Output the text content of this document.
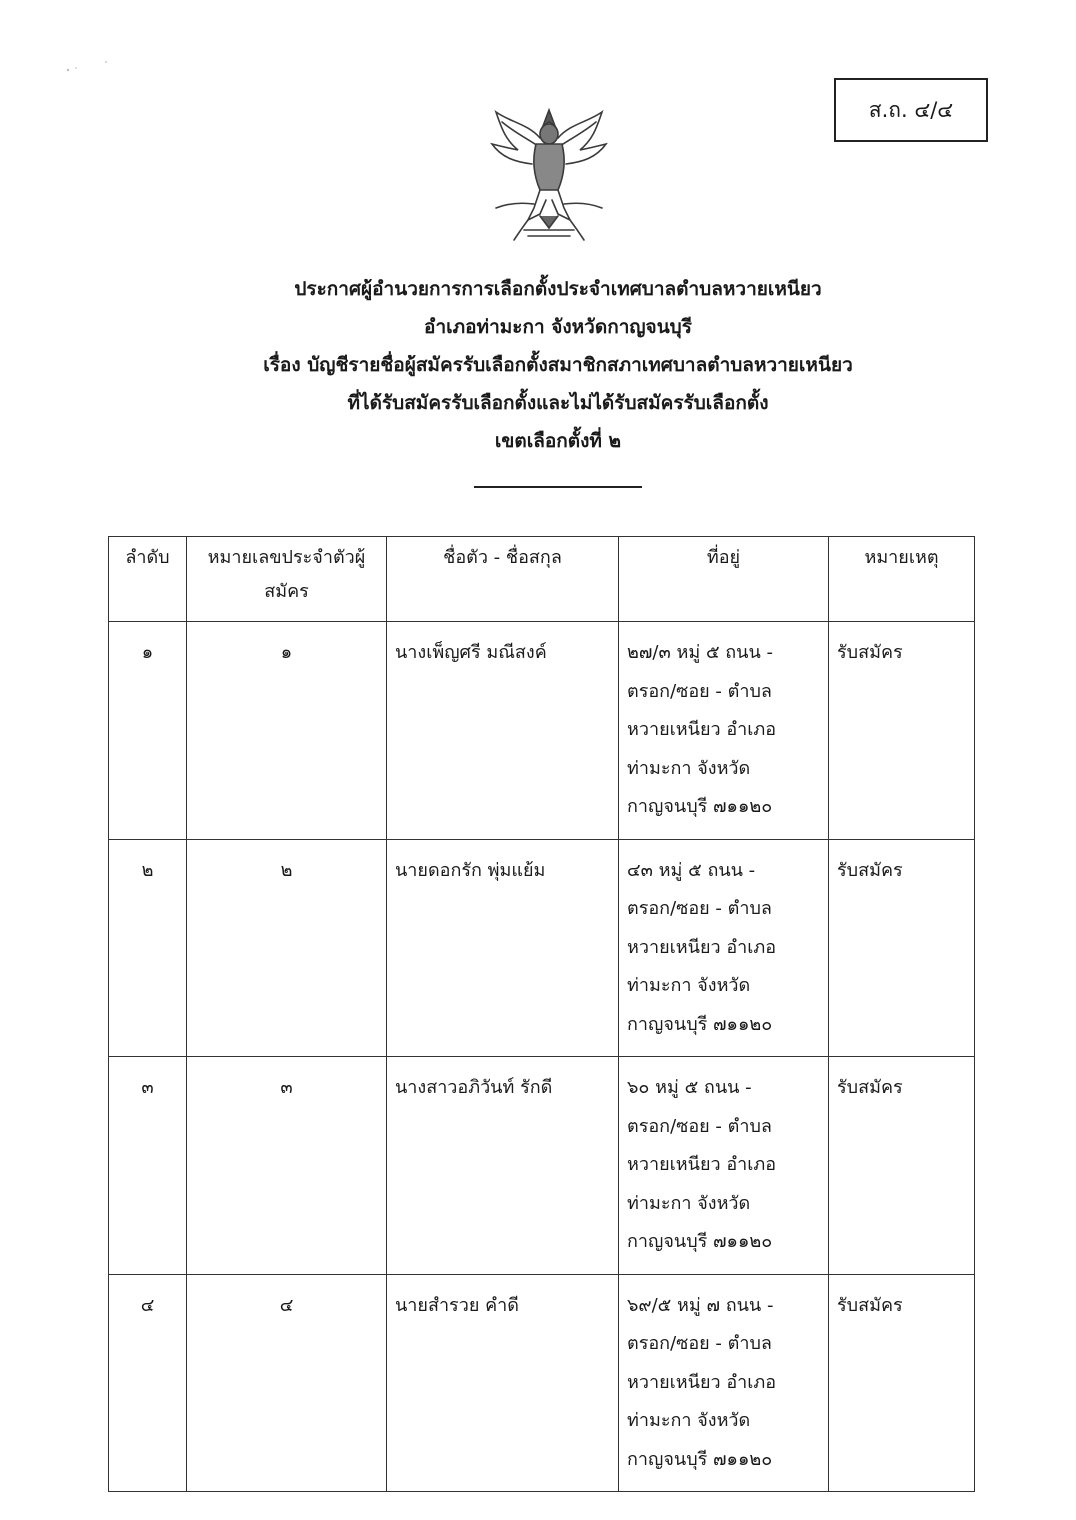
ส.ถ. ๔/๔
ประกาศผู้อำนวยการการเลือกตั้งประจำเทศบาลตำบลหวายเหนียว
อำเภอท่ามะกา จังหวัดกาญจนบุรี
เรื่อง บัญชีรายชื่อผู้สมัครรับเลือกตั้งสมาชิกสภาเทศบาลตำบลหวายเหนียว
ที่ได้รับสมัครรับเลือกตั้งและไม่ได้รับสมัครรับเลือกตั้ง
เขตเลือกตั้งที่ ๒
ลำดับ	หมายเลขประจำตัวผู้สมัคร	ชื่อตัว - ชื่อสกุล	ที่อยู่	หมายเหตุ
๑	๑	นางเพ็ญศรี มณีสงค์	๒๗/๓ หมู่ ๕ ถนน -
ตรอก/ซอย - ตำบล
หวายเหนียว อำเภอ
ท่ามะกา จังหวัด
กาญจนบุรี ๗๑๑๒๐	รับสมัคร
๒	๒	นายดอกรัก พุ่มแย้ม	๔๓ หมู่ ๕ ถนน -
ตรอก/ซอย - ตำบล
หวายเหนียว อำเภอ
ท่ามะกา จังหวัด
กาญจนบุรี ๗๑๑๒๐	รับสมัคร
๓	๓	นางสาวอภิวันท์ รักดี	๖๐ หมู่ ๕ ถนน -
ตรอก/ซอย - ตำบล
หวายเหนียว อำเภอ
ท่ามะกา จังหวัด
กาญจนบุรี ๗๑๑๒๐	รับสมัคร
๔	๔	นายสำรวย คำดี	๖๙/๕ หมู่ ๗ ถนน -
ตรอก/ซอย - ตำบล
หวายเหนียว อำเภอ
ท่ามะกา จังหวัด
กาญจนบุรี ๗๑๑๒๐	รับสมัคร
